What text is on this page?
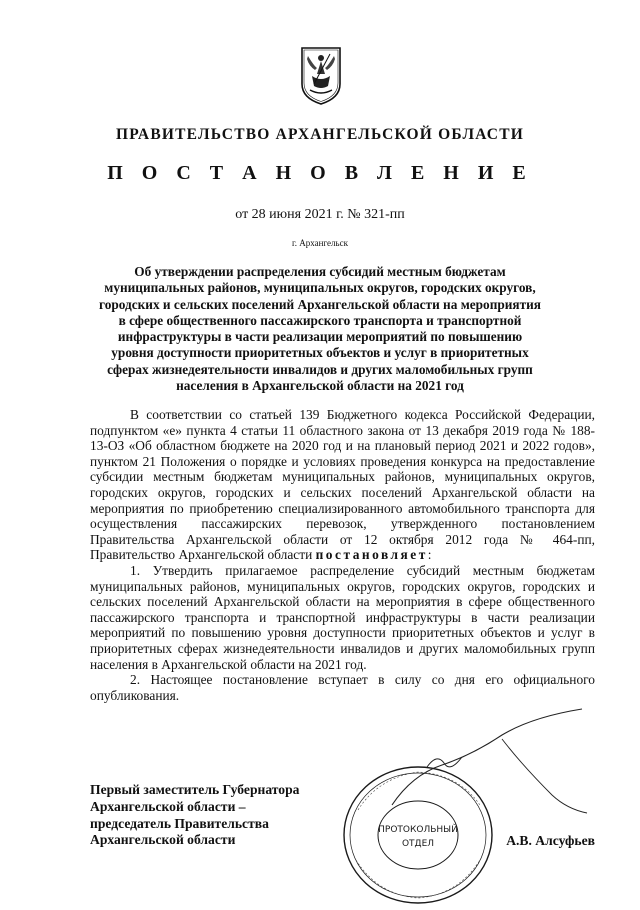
ПРАВИТЕЛЬСТВО АРХАНГЕЛЬСКОЙ ОБЛАСТИ
П О С Т А Н О В Л Е Н И Е
от 28 июня 2021 г. № 321-пп
г. Архангельск
Об утверждении распределения субсидий местным бюджетам
муниципальных районов, муниципальных округов, городских округов,
городских и сельских поселений Архангельской области на мероприятия
в сфере общественного пассажирского транспорта и транспортной
инфраструктуры в части реализации мероприятий по повышению
уровня доступности приоритетных объектов и услуг в приоритетных
сферах жизнедеятельности инвалидов и других маломобильных групп
населения в Архангельской области на 2021 год

В соответствии со статьей 139 Бюджетного кодекса Российской Федерации, подпунктом «е» пункта 4 статьи 11 областного закона от 13 декабря 2019 года № 188-13-ОЗ «Об областном бюджете на 2020 год и на плановый период 2021 и 2022 годов», пунктом 21 Положения о порядке и условиях проведения конкурса на предоставление субсидии местным бюджетам муниципальных районов, муниципальных округов, городских округов, городских и сельских поселений Архангельской области на мероприятия по приобретению специализированного автомобильного транспорта для осуществления пассажирских перевозок, утвержденного постановлением Правительства Архангельской области от 12 октября 2012 года № 464-пп, Правительство Архангельской области постановляет:

1. Утвердить прилагаемое распределение субсидий местным бюджетам муниципальных районов, муниципальных округов, городских округов, городских и сельских поселений Архангельской области на мероприятия в сфере общественного пассажирского транспорта и транспортной инфраструктуры в части реализации мероприятий по повышению уровня доступности приоритетных объектов и услуг в приоритетных сферах жизнедеятельности инвалидов и других маломобильных групп населения в Архангельской области на 2021 год.

2. Настоящее постановление вступает в силу со дня его официального опубликования.

ПРОТОКОЛЬНЫЙ
ОТДЕЛ
Первый заместитель Губернатора
Архангельской области –
председатель Правительства
Архангельской области	А.В. Алсуфьев
